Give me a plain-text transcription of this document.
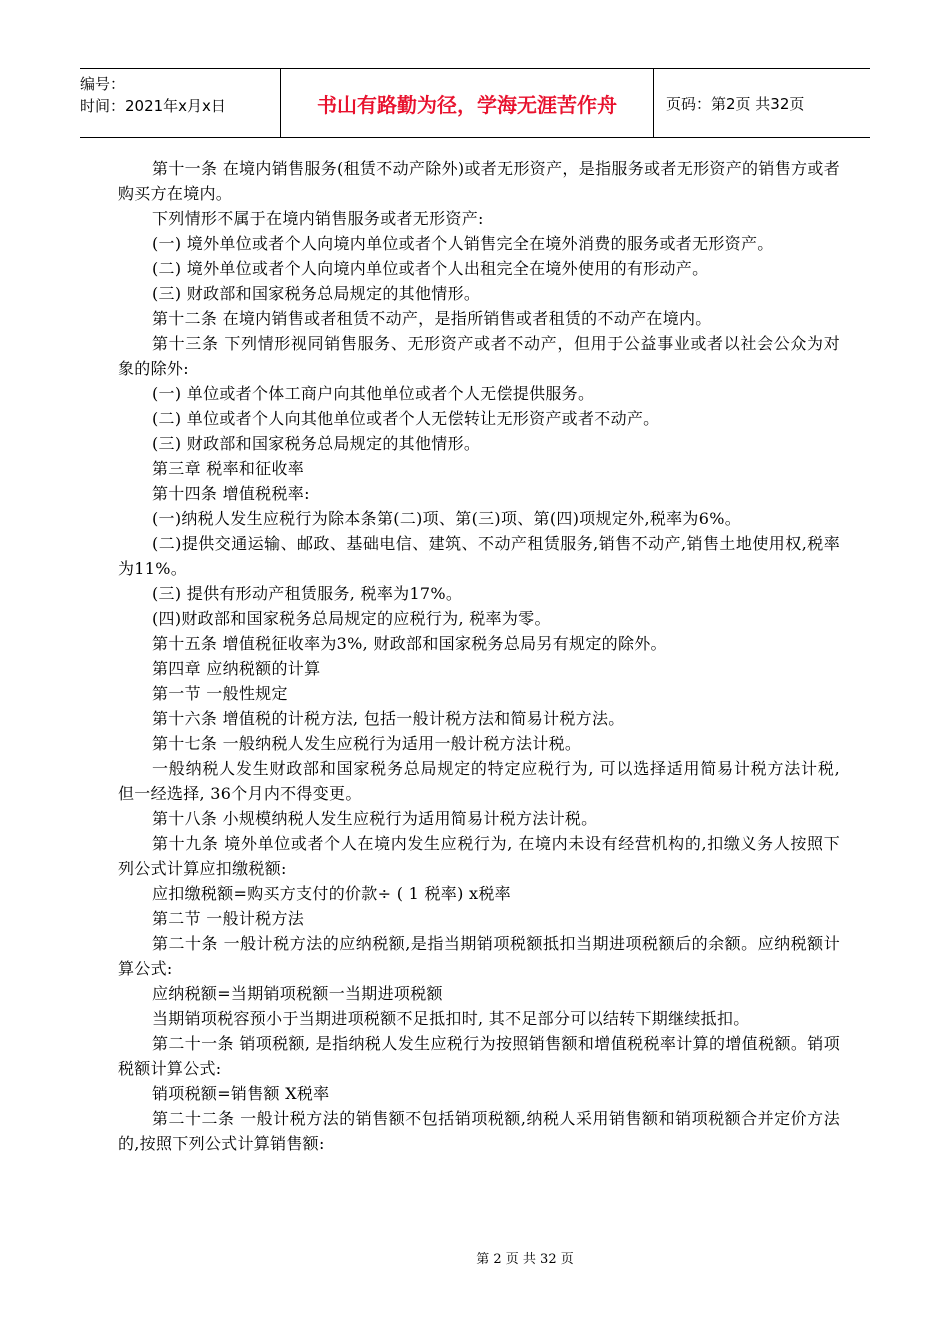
编号：
时间：2021年x月x日	书山有路勤为径，学海无涯苦作舟	页码：第2页 共32页

第十一条 在境内销售服务(租赁不动产除外)或者无形资产，是指服务或者无形资产的销售方或者购买方在境内。

下列情形不属于在境内销售服务或者无形资产:

(一) 境外单位或者个人向境内单位或者个人销售完全在境外消费的服务或者无形资产。

(二) 境外单位或者个人向境内单位或者个人出租完全在境外使用的有形动产。

(三) 财政部和国家税务总局规定的其他情形。

第十二条 在境内销售或者租赁不动产，是指所销售或者租赁的不动产在境内。

第十三条 下列情形视同销售服务、无形资产或者不动产，但用于公益事业或者以社会公众为对象的除外:

(一) 单位或者个体工商户向其他单位或者个人无偿提供服务。

(二) 单位或者个人向其他单位或者个人无偿转让无形资产或者不动产。

(三) 财政部和国家税务总局规定的其他情形。

第三章 税率和征收率

第十四条 增值税税率:

(一)纳税人发生应税行为除本条第(二)项、第(三)项、第(四)项规定外,税率为6%。

(二)提供交通运输、邮政、基础电信、建筑、不动产租赁服务,销售不动产,销售土地使用权,税率为11%。

(三) 提供有形动产租赁服务, 税率为17%。

(四)财政部和国家税务总局规定的应税行为, 税率为零。

第十五条 增值税征收率为3%, 财政部和国家税务总局另有规定的除外。

第四章 应纳税额的计算

第一节 一般性规定

第十六条 增值税的计税方法, 包括一般计税方法和简易计税方法。

第十七条 一般纳税人发生应税行为适用一般计税方法计税。

一般纳税人发生财政部和国家税务总局规定的特定应税行为, 可以选择适用简易计税方法计税, 但一经选择, 36个月内不得变更。

第十八条 小规模纳税人发生应税行为适用简易计税方法计税。

第十九条 境外单位或者个人在境内发生应税行为, 在境内未设有经营机构的,扣缴义务人按照下列公式计算应扣缴税额:

应扣缴税额=购买方支付的价款÷ ( 1 税率) x税率

第二节 一般计税方法

第二十条 一般计税方法的应纳税额,是指当期销项税额抵扣当期进项税额后的余额。应纳税额计算公式:

应纳税额=当期销项税额一当期进项税额

当期销项税容预小于当期进项税额不足抵扣时, 其不足部分可以结转下期继续抵扣。

第二十一条 销项税额, 是指纳税人发生应税行为按照销售额和增值税税率计算的增值税额。销项税额计算公式:

销项税额=销售额 X税率

第二十二条 一般计税方法的销售额不包括销项税额,纳税人采用销售额和销项税额合并定价方法的,按照下列公式计算销售额:

第 2 页 共 32 页
